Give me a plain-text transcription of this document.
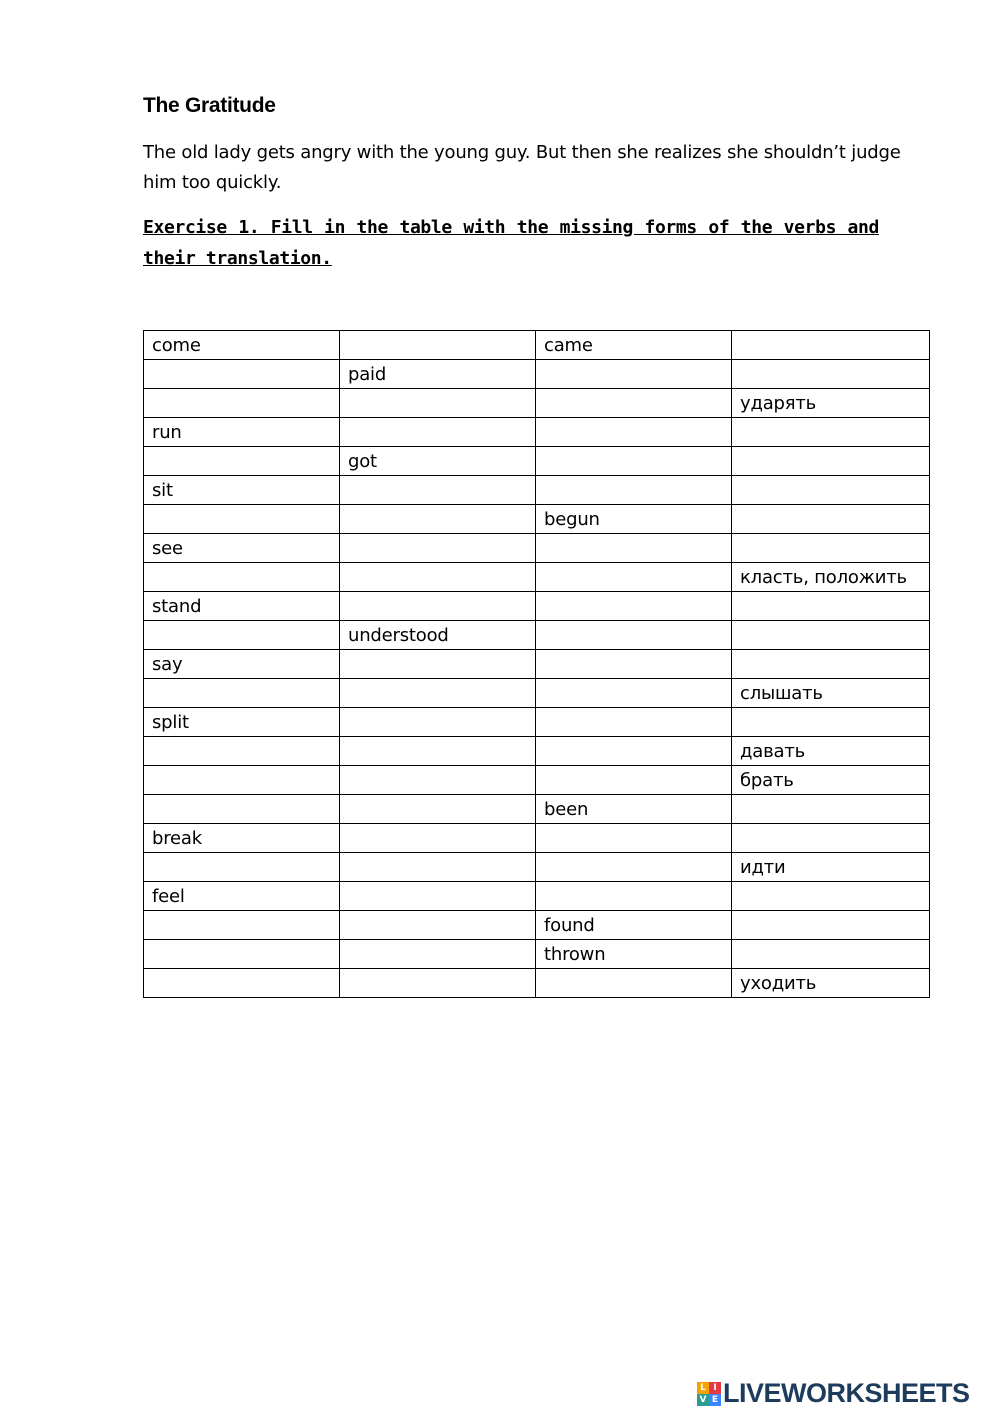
The Gratitude
The old lady gets angry with the young guy. But then she realizes she shouldn’t judge him too quickly.
Exercise 1. Fill in the table with the missing forms of the verbs and their translation.
come		came	
	paid		
			ударять
run			
	got		
sit			
		begun	
see			
			класть, положить
stand			
	understood		
say			
			слышать
split			
			давать
			брать
		been	
break			
			идти
feel			
		found	
		thrown	
			уходить
L I
V E LIVEWORKSHEETS
